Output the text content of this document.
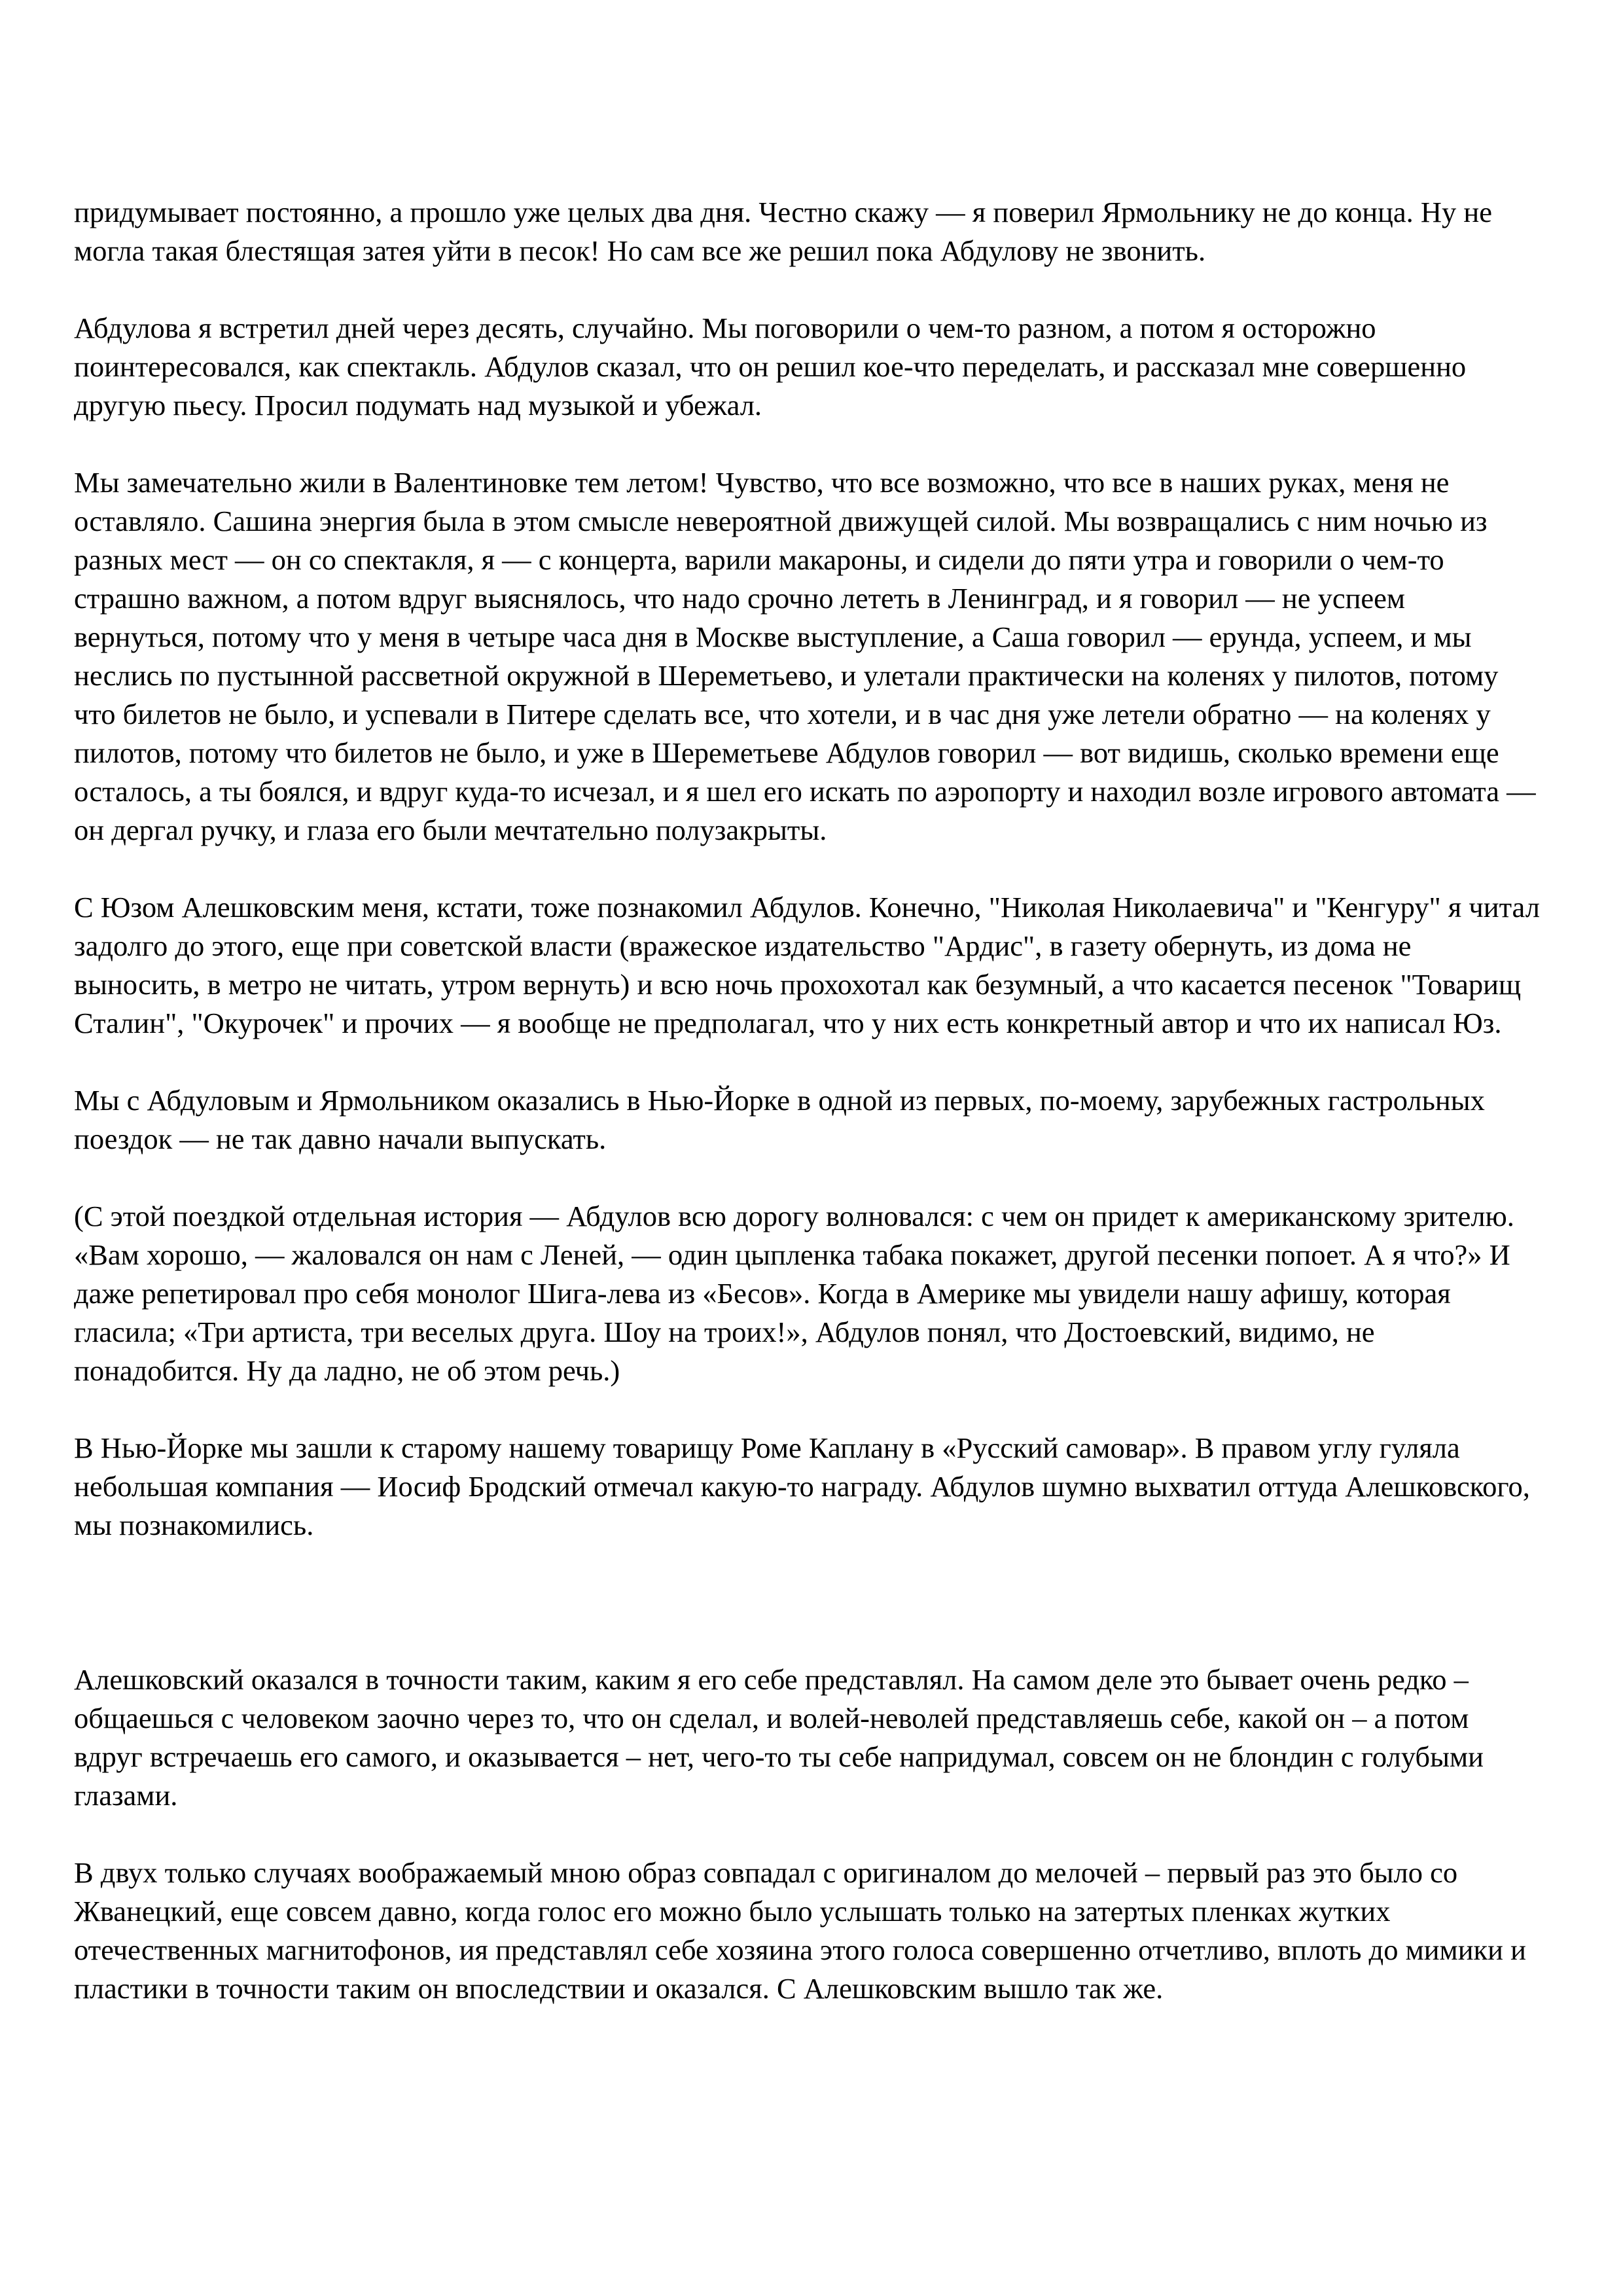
придумывает постоянно, а прошло уже целых два дня. Честно скажу — я поверил Ярмольнику не до конца. Ну не могла такая блестящая затея уйти в песок! Но сам все же решил пока Абдулову не звонить.

Абдулова я встретил дней через десять, случайно. Мы поговорили о чем-то разном, а потом я осторожно поинтересовался, как спектакль. Абдулов сказал, что он решил кое-что переделать, и рассказал мне совершенно другую пьесу. Просил подумать над музыкой и убежал.

Мы замечательно жили в Валентиновке тем летом! Чувство, что все возможно, что все в наших руках, меня не оставляло. Сашина энергия была в этом смысле невероятной движущей силой. Мы возвращались с ним ночью из разных мест — он со спектакля, я — с концерта, варили макароны, и сидели до пяти утра и говорили о чем-то страшно важном, а потом вдруг выяснялось, что надо срочно лететь в Ленинград, и я говорил — не успеем вернуться, потому что у меня в четыре часа дня в Москве выступление, а Саша говорил — ерунда, успеем, и мы неслись по пустынной рассветной окружной в Шереметьево, и улетали практически на коленях у пилотов, потому что билетов не было, и успевали в Питере сделать все, что хотели, и в час дня уже летели обратно — на коленях у пилотов, потому что билетов не было, и уже в Шереметьеве Абдулов говорил — вот видишь, сколько времени еще осталось, а ты боялся, и вдруг куда-то исчезал, и я шел его искать по аэропорту и находил возле игрового автомата — он дергал ручку, и глаза его были мечтательно полузакрыты.

С Юзом Алешковским меня, кстати, тоже познакомил Абдулов. Конечно, "Николая Николаевича" и "Кенгуру" я читал задолго до этого, еще при советской власти (вражеское издательство "Ардис", в газету обернуть, из дома не выносить, в метро не читать, утром вернуть) и всю ночь прохохотал как безумный, а что касается песенок "Товарищ Сталин", "Окурочек" и прочих — я вообще не предполагал, что у них есть конкретный автор и что их написал Юз.

Мы с Абдуловым и Ярмольником оказались в Нью-Йорке в одной из первых, по-моему, зарубежных гастрольных поездок — не так давно начали выпускать.

(С этой поездкой отдельная история — Абдулов всю дорогу волновался: с чем он придет к американскому зрителю. «Вам хорошо, — жаловался он нам с Леней, — один цыпленка табака покажет, другой песенки попоет. А я что?» И даже репетировал про себя монолог Шига-лева из «Бесов». Когда в Америке мы увидели нашу афишу, которая гласила; «Три артиста, три веселых друга. Шоу на троих!», Абдулов понял, что Достоевский, видимо, не понадобится. Ну да ладно, не об этом речь.)

В Нью-Йорке мы зашли к старому нашему товарищу Роме Каплану в «Русский самовар». В правом углу гуляла небольшая компания — Иосиф Бродский отмечал какую-то награду. Абдулов шумно выхватил оттуда Алешковского, мы познакомились.

Алешковский оказался в точности таким, каким я его себе представлял. На самом деле это бывает очень редко – общаешься с человеком заочно через то, что он сделал, и волей-неволей представляешь себе, какой он – а потом вдруг встречаешь его самого, и оказывается – нет, чего-то ты себе напридумал, совсем он не блондин с голубыми глазами.

В двух только случаях воображаемый мною образ совпадал с оригиналом до мелочей – первый раз это было со Жванецкий, еще совсем давно, когда голос его можно было услышать только на затертых пленках жутких отечественных магнитофонов, ия представлял себе хозяина этого голоса совершенно отчетливо, вплоть до мимики и пластики в точности таким он впоследствии и оказался. С Алешковским вышло так же.
